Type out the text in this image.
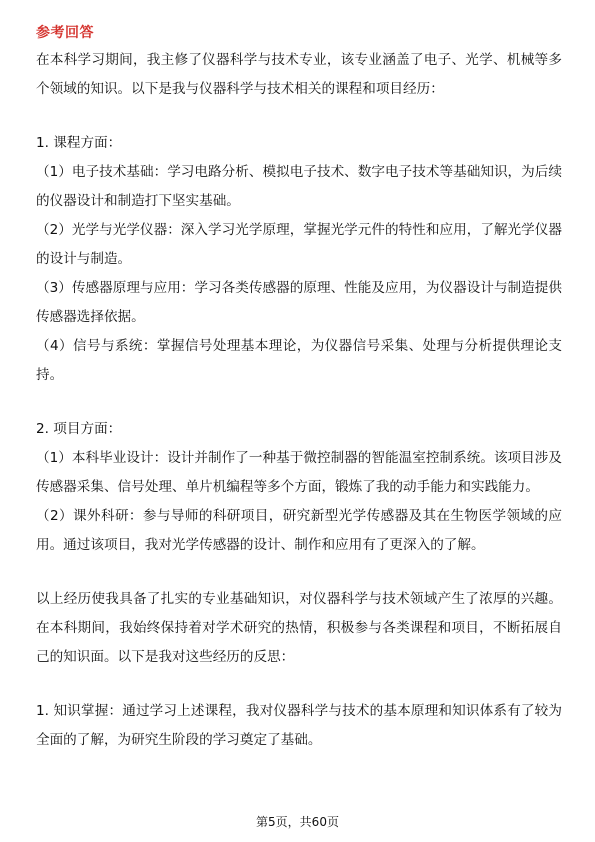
参考回答

在本科学习期间，我主修了仪器科学与技术专业，该专业涵盖了电子、光学、机械等多个领域的知识。以下是我与仪器科学与技术相关的课程和项目经历：

1. 课程方面：

（1）电子技术基础：学习电路分析、模拟电子技术、数字电子技术等基础知识，为后续的仪器设计和制造打下坚实基础。

（2）光学与光学仪器：深入学习光学原理，掌握光学元件的特性和应用，了解光学仪器的设计与制造。

（3）传感器原理与应用：学习各类传感器的原理、性能及应用，为仪器设计与制造提供传感器选择依据。

（4）信号与系统：掌握信号处理基本理论，为仪器信号采集、处理与分析提供理论支持。

2. 项目方面：

（1）本科毕业设计：设计并制作了一种基于微控制器的智能温室控制系统。该项目涉及传感器采集、信号处理、单片机编程等多个方面，锻炼了我的动手能力和实践能力。

（2）课外科研：参与导师的科研项目，研究新型光学传感器及其在生物医学领域的应用。通过该项目，我对光学传感器的设计、制作和应用有了更深入的了解。

以上经历使我具备了扎实的专业基础知识，对仪器科学与技术领域产生了浓厚的兴趣。在本科期间，我始终保持着对学术研究的热情，积极参与各类课程和项目，不断拓展自己的知识面。以下是我对这些经历的反思：

1. 知识掌握：通过学习上述课程，我对仪器科学与技术的基本原理和知识体系有了较为全面的了解，为研究生阶段的学习奠定了基础。

第5页，共60页
